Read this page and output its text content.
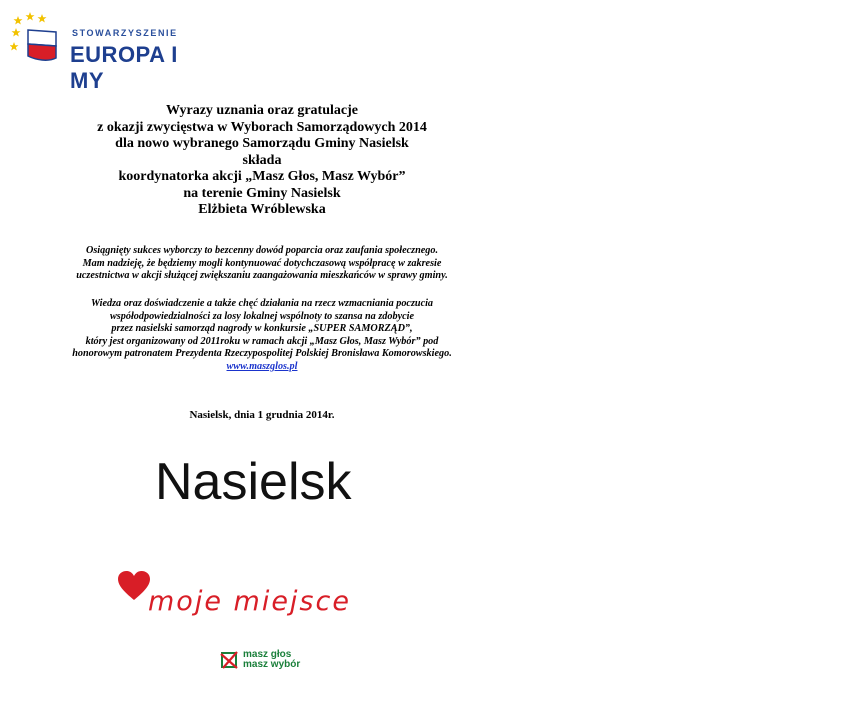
STOWARZYSZENIE
EUROPA I MY
Wyrazy uznania oraz gratulacje
z okazji zwycięstwa w Wyborach Samorządowych 2014
dla nowo wybranego Samorządu Gminy Nasielsk
składa
koordynatorka akcji „Masz Głos, Masz Wybór”
na terenie Gminy Nasielsk
Elżbieta Wróblewska
Osiągnięty sukces wyborczy to bezcenny dowód poparcia oraz zaufania społecznego.
Mam nadzieję, że będziemy mogli kontynuować dotychczasową współpracę w zakresie
uczestnictwa w akcji służącej zwiększaniu zaangażowania mieszkańców w sprawy gminy.
Wiedza oraz doświadczenie a także chęć działania na rzecz wzmacniania poczucia
współodpowiedzialności za losy lokalnej wspólnoty to szansa na zdobycie
przez nasielski samorząd nagrody w konkursie „SUPER SAMORZĄD”,
który jest organizowany od 2011roku w ramach akcji „Masz Głos, Masz Wybór” pod
honorowym patronatem Prezydenta Rzeczypospolitej Polskiej Bronisława Komorowskiego.
www.maszglos.pl
Nasielsk, dnia 1 grudnia 2014r.
Nasielsk
moje miejsce
masz głos
masz wybór
